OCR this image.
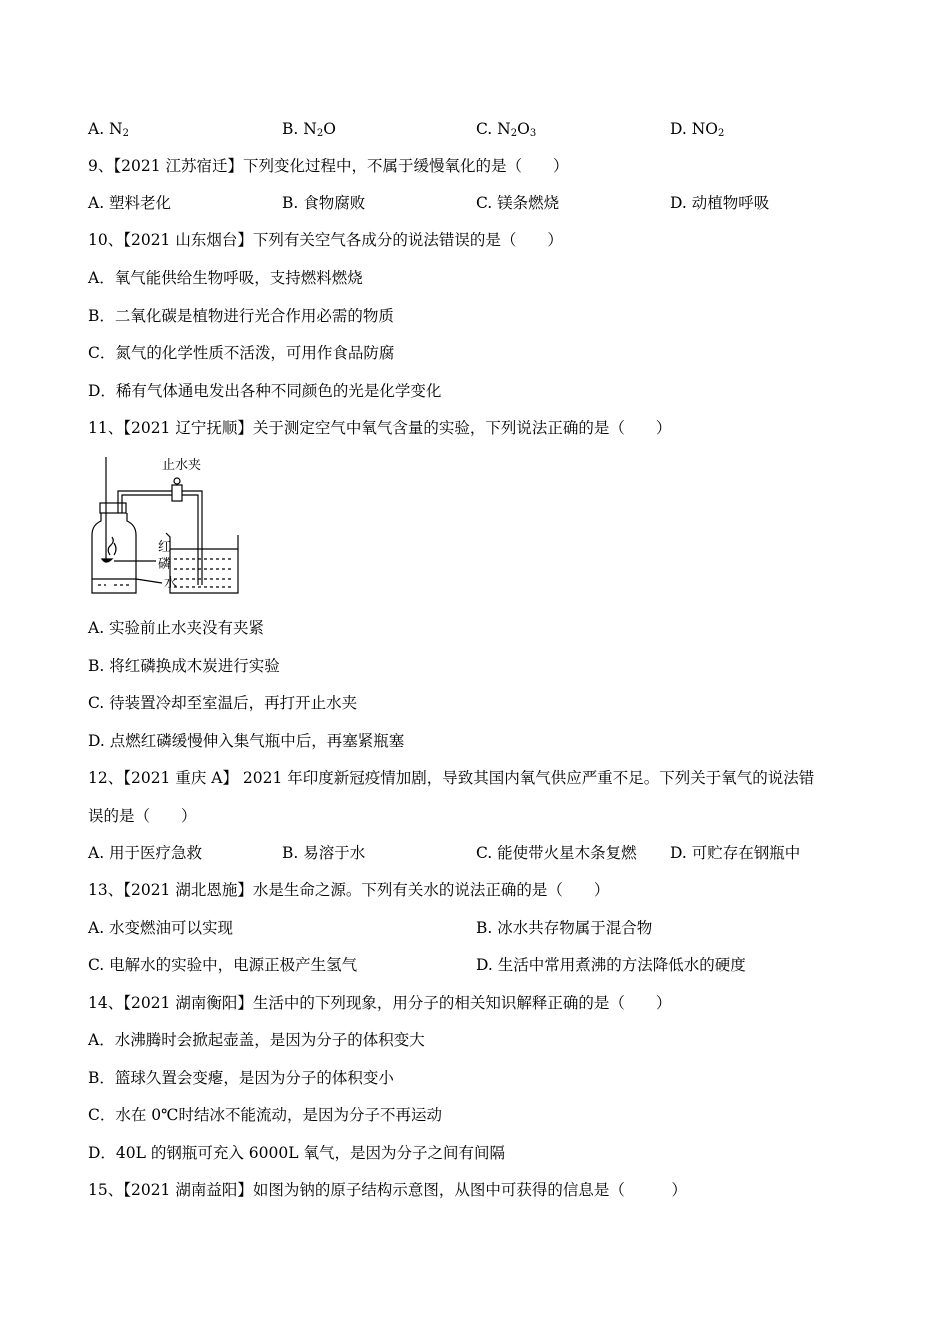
A. $N_2$	B. $N_2O$	C. $N_2O_3$	D. $NO_2$
9、【2021 江苏宿迁】下列变化过程中，不属于缓慢氧化的是（　　）
A. 塑料老化	B. 食物腐败	C. 镁条燃烧	D. 动植物呼吸
10、【2021 山东烟台】下列有关空气各成分的说法错误的是（　　）
A．氧气能供给生物呼吸，支持燃料燃烧
B．二氧化碳是植物进行光合作用必需的物质
C．氮气的化学性质不活泼，可用作食品防腐
D．稀有气体通电发出各种不同颜色的光是化学变化
11、【2021 辽宁抚顺】关于测定空气中氧气含量的实验，下列说法正确的是（　　）
止水夹
红
磷
水
A. 实验前止水夹没有夹紧
B. 将红磷换成木炭进行实验
C. 待装置冷却至室温后，再打开止水夹
D. 点燃红磷缓慢伸入集气瓶中后，再塞紧瓶塞
12、【2021 重庆 A】 2021 年印度新冠疫情加剧，导致其国内氧气供应严重不足。下列关于氧气的说法错
误的是（　　）
A. 用于医疗急救	B. 易溶于水	C. 能使带火星木条复燃 D. 可贮存在钢瓶中
13、【2021 湖北恩施】水是生命之源。下列有关水的说法正确的是（　　）
A. 水变燃油可以实现	B. 冰水共存物属于混合物
C. 电解水的实验中，电源正极产生氢气	D. 生活中常用煮沸的方法降低水的硬度
14、【2021 湖南衡阳】生活中的下列现象，用分子的相关知识解释正确的是（　　）
A．水沸腾时会掀起壶盖，是因为分子的体积变大
B．篮球久置会变瘪，是因为分子的体积变小
C．水在 0℃时结冰不能流动，是因为分子不再运动
D．40L 的钢瓶可充入 6000L 氧气，是因为分子之间有间隔
15、【2021 湖南益阳】如图为钠的原子结构示意图，从图中可获得的信息是（　　　）
